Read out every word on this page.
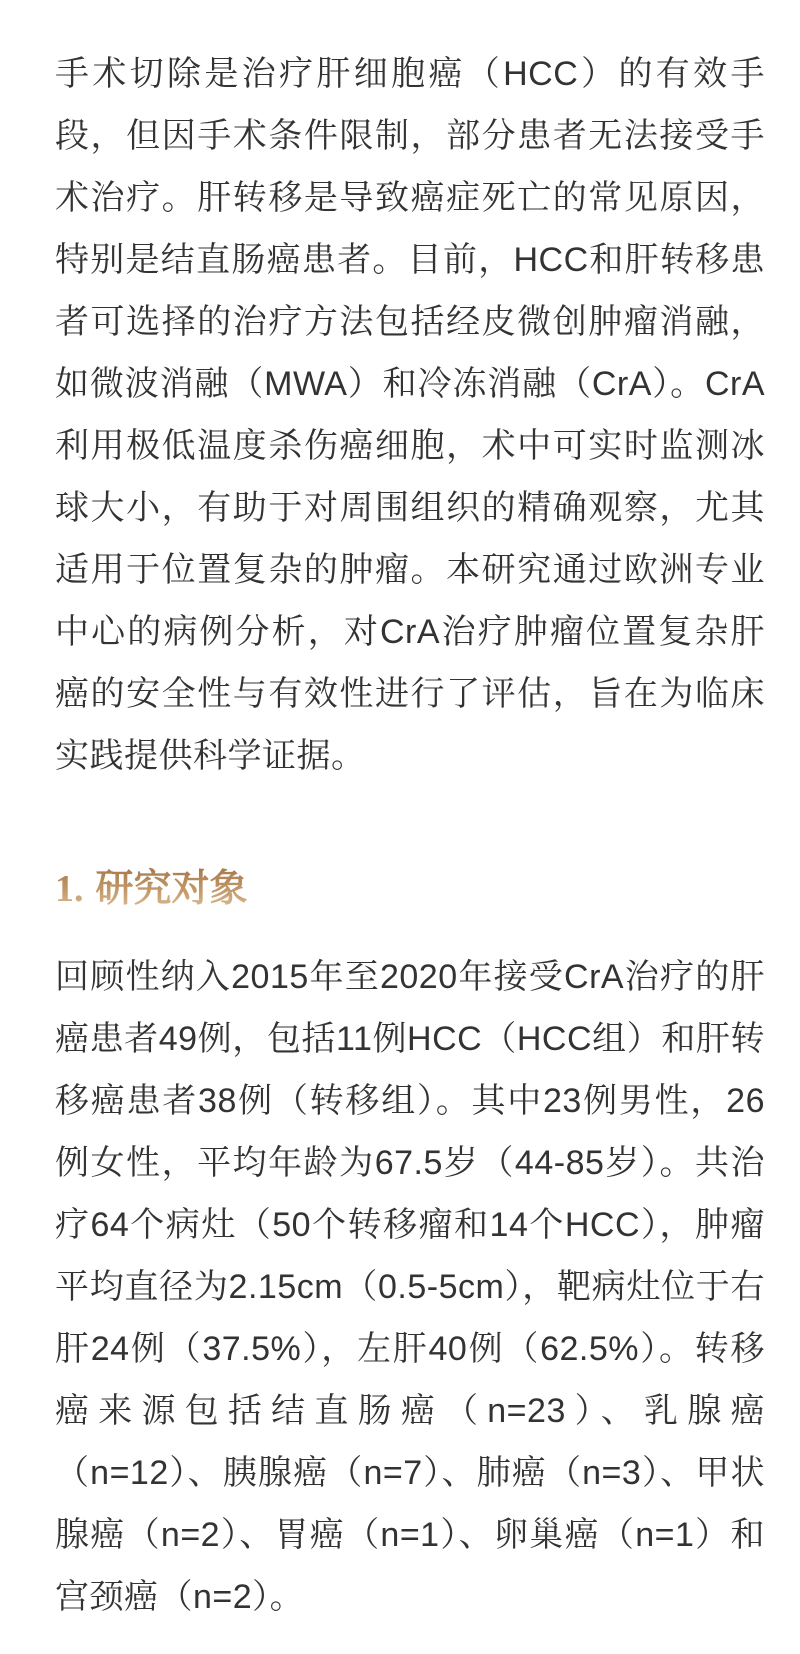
手术切除是治疗肝细胞癌（HCC）的有效手段，但因手术条件限制，部分患者无法接受手术治疗。肝转移是导致癌症死亡的常见原因，特别是结直肠癌患者。目前，HCC和肝转移患者可选择的治疗方法包括经皮微创肿瘤消融，如微波消融（MWA）和冷冻消融（CrA）。CrA利用极低温度杀伤癌细胞，术中可实时监测冰球大小，有助于对周围组织的精确观察，尤其适用于位置复杂的肿瘤。本研究通过欧洲专业中心的病例分析，对CrA治疗肿瘤位置复杂肝癌的安全性与有效性进行了评估，旨在为临床实践提供科学证据。

1. 研究对象

回顾性纳入2015年至2020年接受CrA治疗的肝癌患者49例，包括11例HCC（HCC组）和肝转移癌患者38例（转移组）。其中23例男性，26例女性，平均年龄为67.5岁（44-85岁）。共治疗64个病灶（50个转移瘤和14个HCC），肿瘤平均直径为2.15cm（0.5-5cm），靶病灶位于右肝24例（37.5%），左肝40例（62.5%）。转移癌来源包括结直肠癌（n=23）、乳腺癌（n=12）、胰腺癌（n=7）、肺癌（n=3）、甲状腺癌（n=2）、胃癌（n=1）、卵巢癌（n=1）和宫颈癌（n=2）。
